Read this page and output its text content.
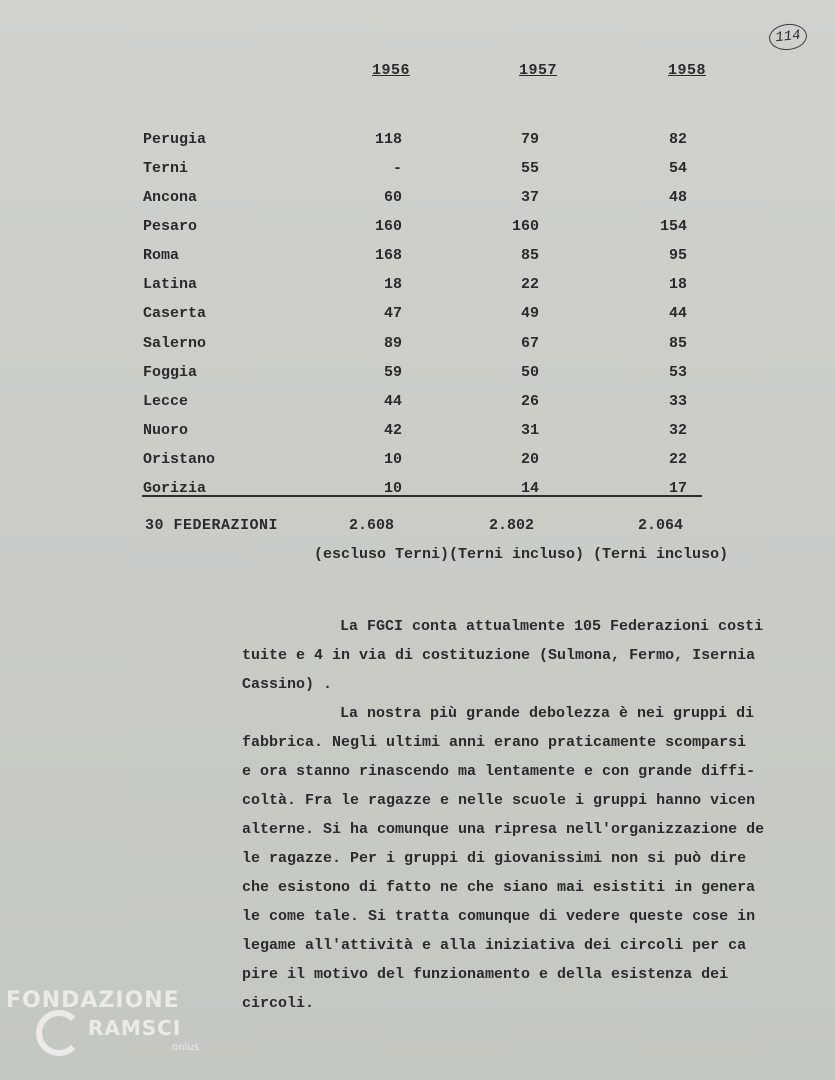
114
1956	1957	1958
Perugia	118	79	82
Terni	-	55	54
Ancona	60	37	48
Pesaro	160	160	154
Roma	168	85	95
Latina	18	22	18
Caserta	47	49	44
Salerno	89	67	85
Foggia	59	50	53
Lecce	44	26	33
Nuoro	42	31	32
Oristano	10	20	22
Gorizia	10	14	17
30 FEDERAZIONI	2.608	2.802	2.064
(escluso Terni)(Terni incluso) (Terni incluso)
La FGCI conta attualmente 105 Federazioni costi
tuite e 4 in via di costituzione (Sulmona, Fermo, Isernia
Cassino) .
La nostra più grande debolezza è nei gruppi di
fabbrica. Negli ultimi anni erano praticamente scomparsi
e ora stanno rinascendo ma lentamente e con grande diffi-
coltà. Fra le ragazze e nelle scuole i gruppi hanno vicen
alterne. Si ha comunque una ripresa nell'organizzazione de
le ragazze. Per i gruppi di giovanissimi non si può dire
che esistono di fatto ne che siano mai esistiti in genera
le come tale. Si tratta comunque di vedere queste cose in
legame all'attività e alla iniziativa dei circoli per ca
pire il motivo del funzionamento e della esistenza dei
circoli.
FONDAZIONE
RAMSCI
onlus
